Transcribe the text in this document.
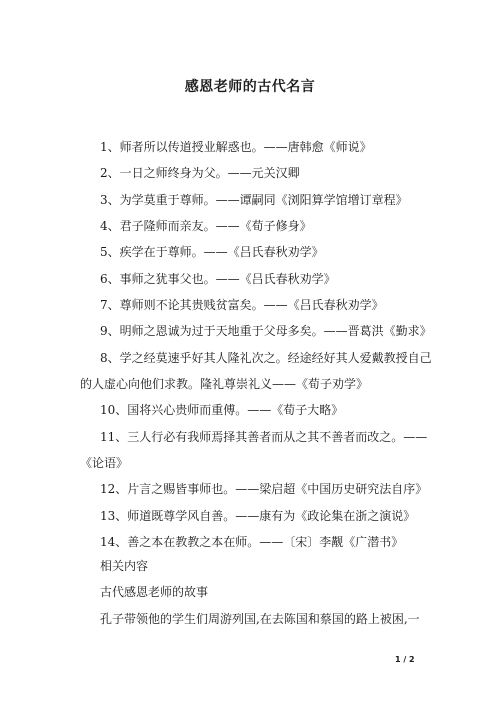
感恩老师的古代名言
1、师者所以传道授业解惑也。——唐韩愈《师说》
2、一日之师终身为父。——元关汉卿
3、为学莫重于尊师。——谭嗣同《浏阳算学馆增订章程》
4、君子隆师而亲友。——《荀子修身》
5、疾学在于尊师。——《吕氏春秋劝学》
6、事师之犹事父也。——《吕氏春秋劝学》
7、尊师则不论其贵贱贫富矣。——《吕氏春秋劝学》
9、明师之恩诚为过于天地重于父母多矣。——晋葛洪《勤求》
8、学之经莫速乎好其人隆礼次之。经途经好其人爱戴教授自己
的人虚心向他们求教。隆礼尊崇礼义——《荀子劝学》
10、国将兴心贵师而重傅。——《荀子大略》
11、三人行必有我师焉择其善者而从之其不善者而改之。——
《论语》
12、片言之赐皆事师也。——梁启超《中国历史研究法自序》
13、师道既尊学风自善。——康有为《政论集在浙之演说》
14、善之本在教教之本在师。——〔宋〕李觏《广潜书》
相关内容
古代感恩老师的故事
孔子带领他的学生们周游列国,在去陈国和蔡国的路上被困,一
1 / 2
